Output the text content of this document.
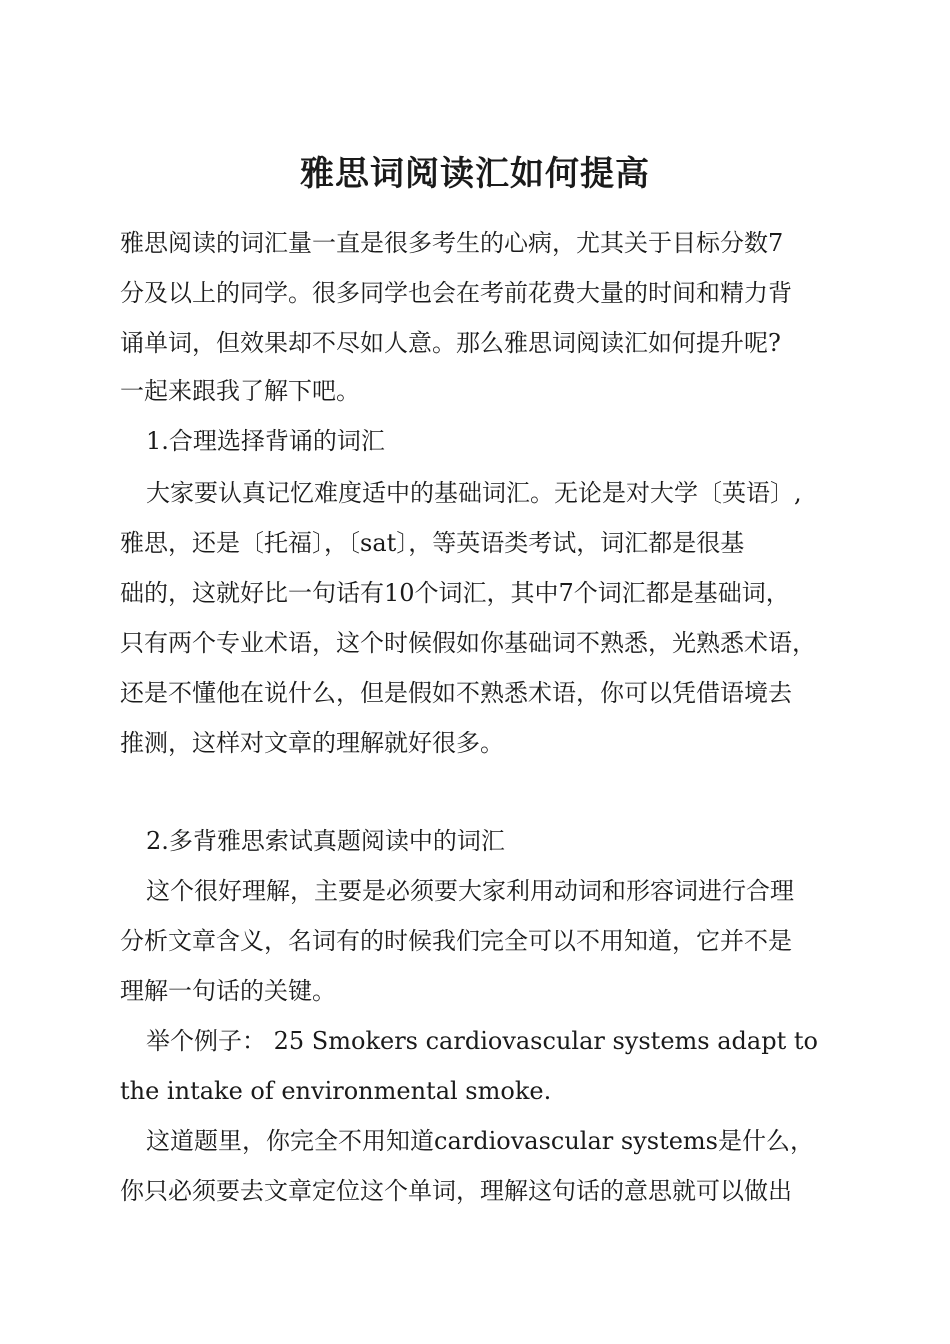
雅思词阅读汇如何提高

雅思阅读的词汇量一直是很多考生的心病，尤其关于目标分数7

分及以上的同学。很多同学也会在考前花费大量的时间和精力背

诵单词，但效果却不尽如人意。那么雅思词阅读汇如何提升呢?

一起来跟我了解下吧。

1.合理选择背诵的词汇

大家要认真记忆难度适中的基础词汇。无论是对大学〔英语〕,

雅思，还是〔托福〕，〔sat〕，等英语类考试，词汇都是很基

础的，这就好比一句话有10个词汇，其中7个词汇都是基础词，

只有两个专业术语，这个时候假如你基础词不熟悉，光熟悉术语，

还是不懂他在说什么，但是假如不熟悉术语，你可以凭借语境去

推测，这样对文章的理解就好很多。

2.多背雅思索试真题阅读中的词汇

这个很好理解，主要是必须要大家利用动词和形容词进行合理

分析文章含义，名词有的时候我们完全可以不用知道，它并不是

理解一句话的关键。

举个例子： 25 Smokers cardiovascular systems adapt to

the intake of environmental smoke.

这道题里，你完全不用知道cardiovascular systems是什么，

你只必须要去文章定位这个单词，理解这句话的意思就可以做出
